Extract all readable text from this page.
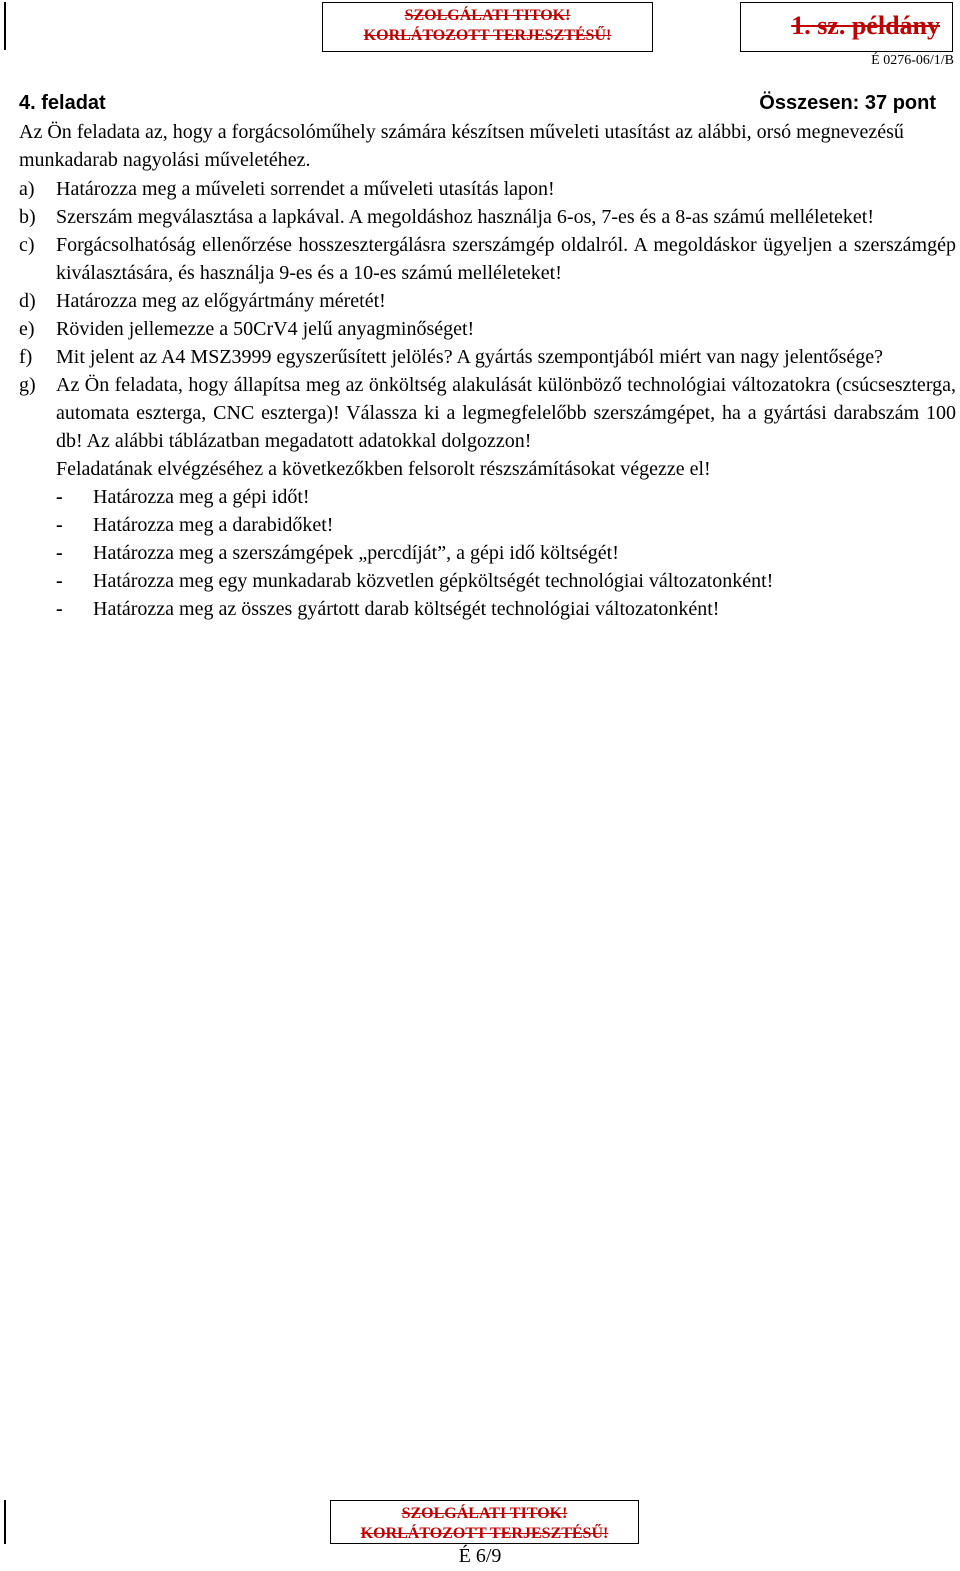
SZOLGÁLATI TITOK!
KORLÁTOZOTT TERJESZTÉSŰ!	1. sz. példány
É 0276-06/1/B
4. feladat	Összesen: 37 pont
Az Ön feladata az, hogy a forgácsolóműhely számára készítsen műveleti utasítást az alábbi, orsó megnevezésű munkadarab nagyolási műveletéhez.
a)	Határozza meg a műveleti sorrendet a műveleti utasítás lapon!
b)	Szerszám megválasztása a lapkával. A megoldáshoz használja 6-os, 7-es és a 8-as számú melléleteket!
c)	Forgácsolhatóság ellenőrzése hosszesztergálásra szerszámgép oldalról. A megoldáskor ügyeljen a szerszámgép kiválasztására, és használja 9-es és a 10-es számú melléleteket!
d)	Határozza meg az előgyártmány méretét!
e)	Röviden jellemezze a 50CrV4 jelű anyagminőséget!
f)	Mit jelent az A4 MSZ3999 egyszerűsített jelölés? A gyártás szempontjából miért van nagy jelentősége?
g)	Az Ön feladata, hogy állapítsa meg az önköltség alakulását különböző technológiai változatokra (csúcseszterga, automata eszterga, CNC eszterga)! Válassza ki a legmegfelelőbb szerszámgépet, ha a gyártási darabszám 100 db! Az alábbi táblázatban megadatott adatokkal dolgozzon!
Feladatának elvégzéséhez a következőkben felsorolt részszámításokat végezze el!
-	Határozza meg a gépi időt!
-	Határozza meg a darabidőket!
-	Határozza meg a szerszámgépek „percdíját”, a gépi idő költségét!
-	Határozza meg egy munkadarab közvetlen gépköltségét technológiai változatonként!
-	Határozza meg az összes gyártott darab költségét technológiai változatonként!
SZOLGÁLATI TITOK!
KORLÁTOZOTT TERJESZTÉSŰ!
É 6/9
